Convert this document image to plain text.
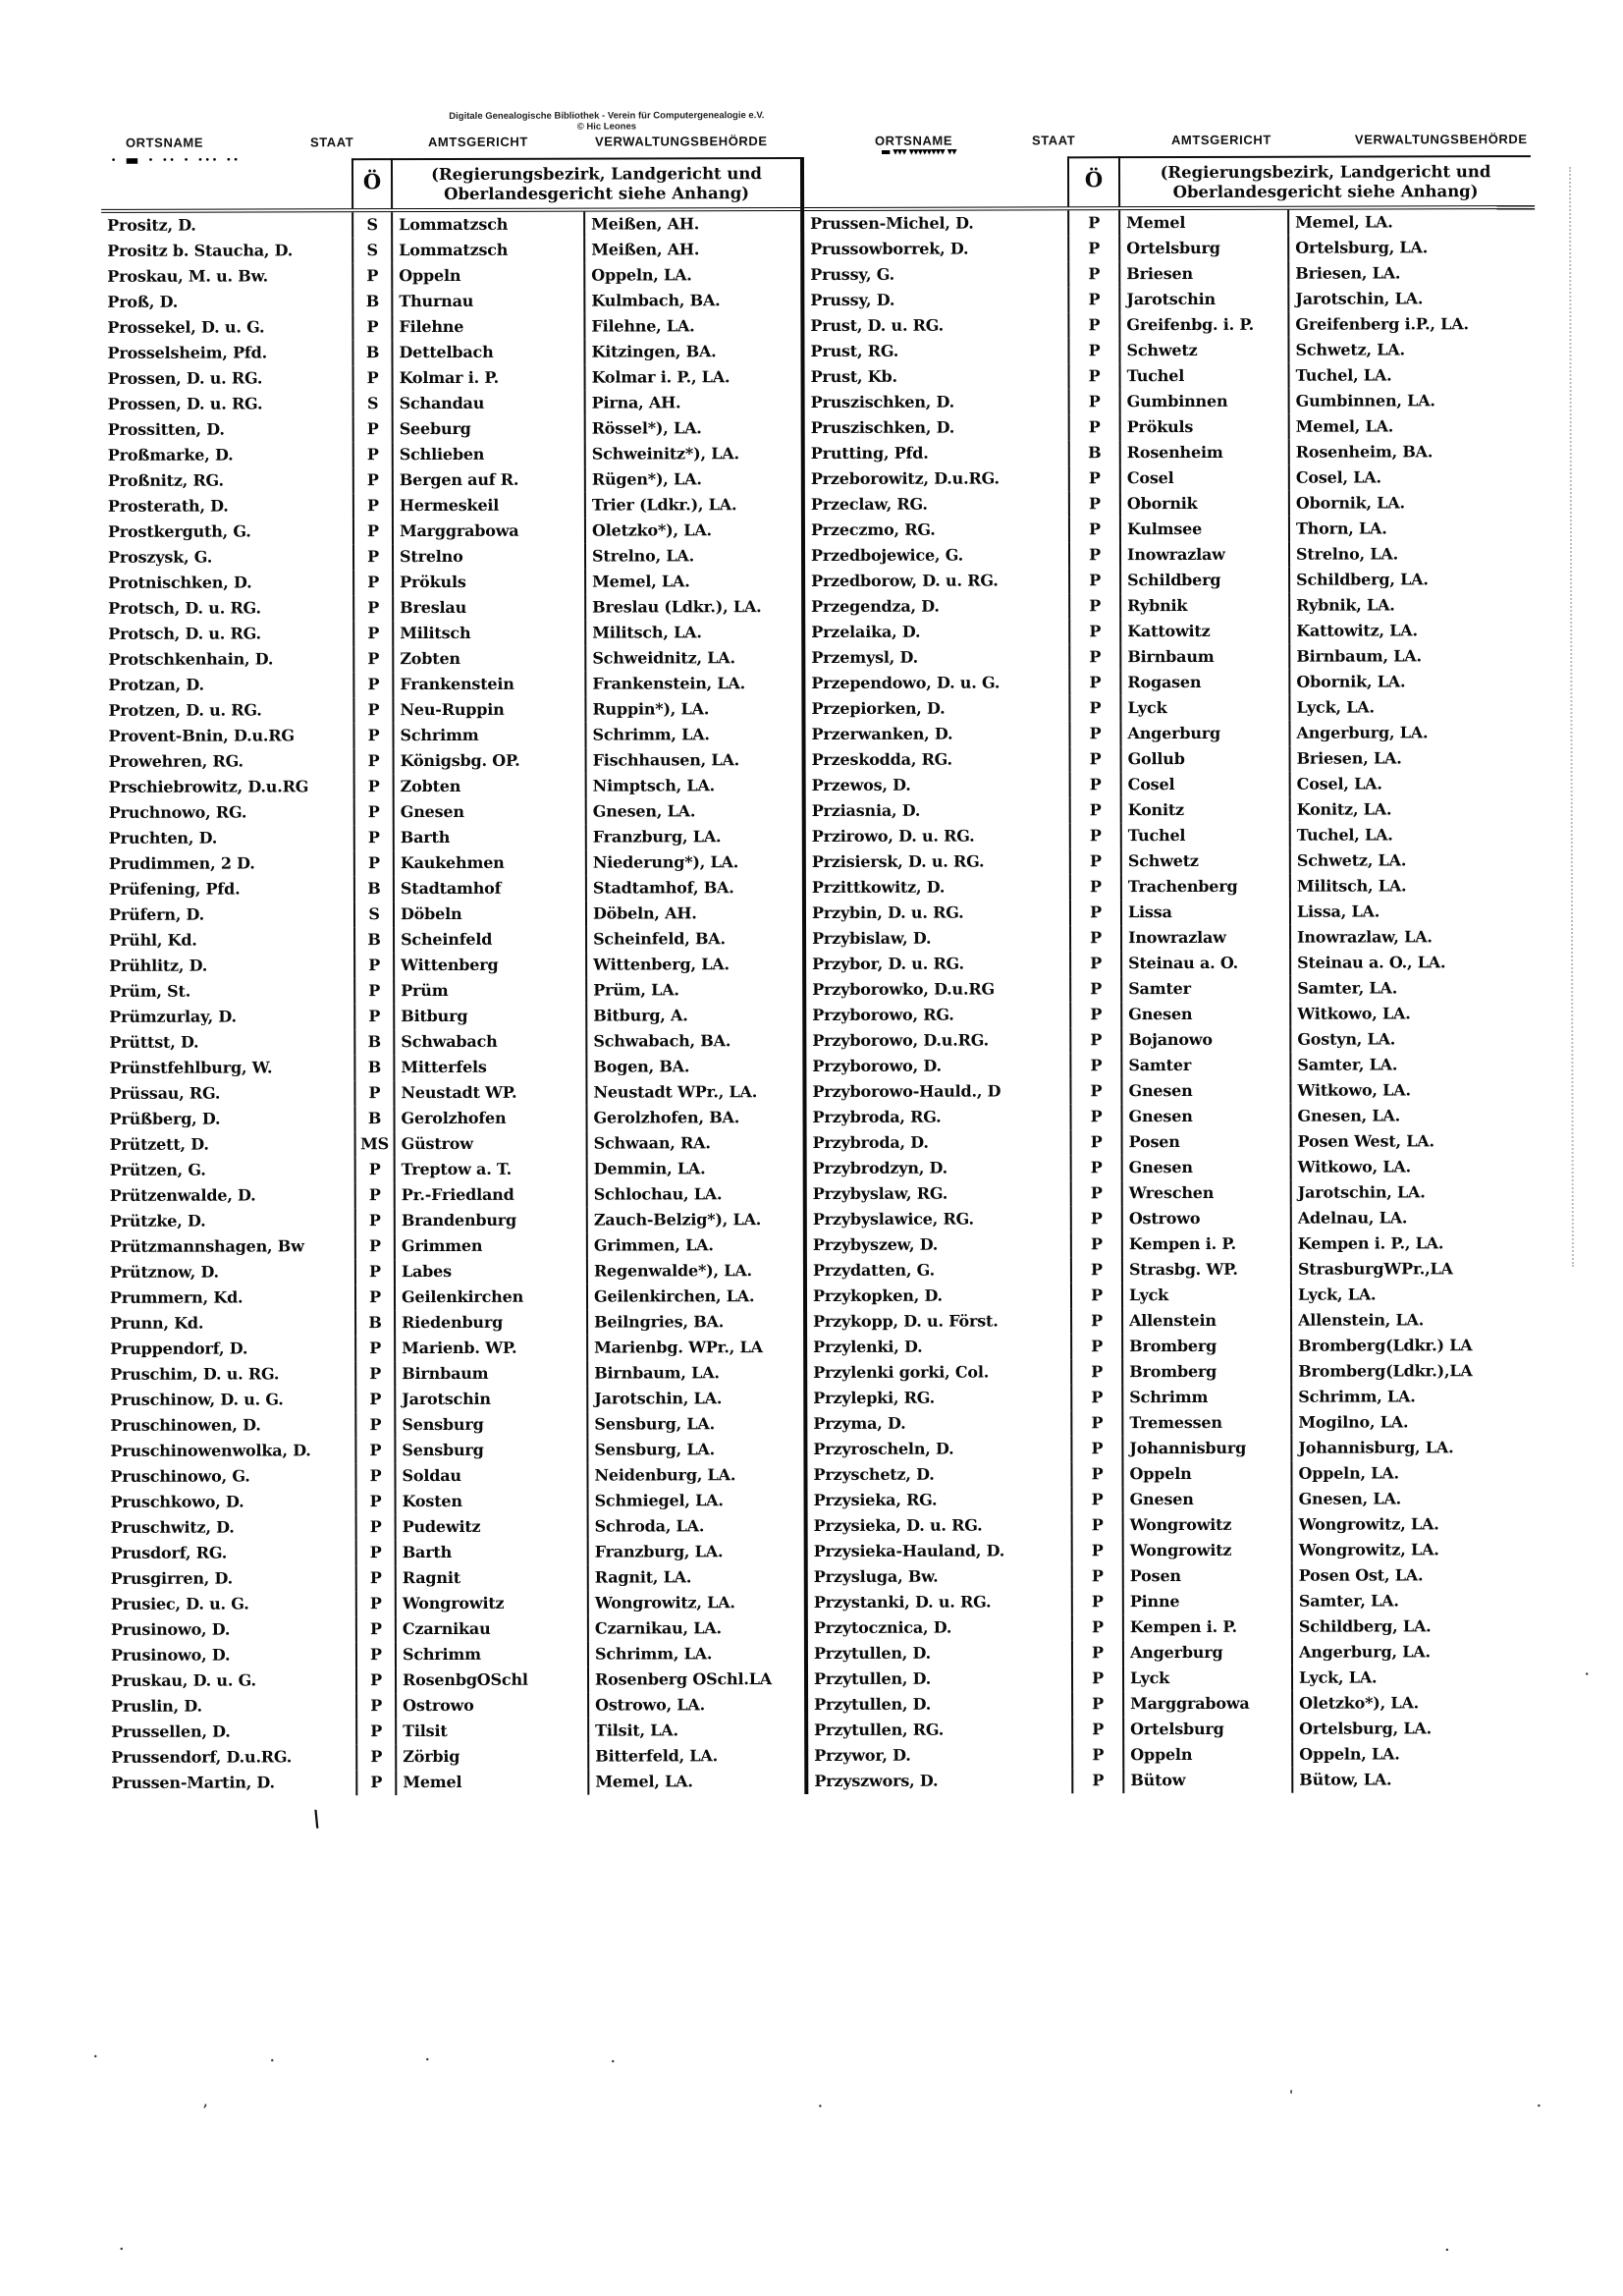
Digitale Genealogische Bibliothek - Verein für Computergenealogie e.V.
© Hic Leones
ORTSNAME	STAAT	AMTSGERICHT	VERWALTUNGSBEHÖRDE	ORTSNAME	STAAT	AMTSGERICHT	VERWALTUNGSBEHÖRDE
· ▬ · ·· · ··· ··
Ö	(Regierungsbezirk, Landgericht und
Oberlandesgericht siehe Anhang)
Prositz, D.	S	Lommatzsch	Meißen, AH.
Prositz b. Staucha, D.	S	Lommatzsch	Meißen, AH.
Proskau, M. u. Bw.	P	Oppeln	Oppeln, LA.
Proß, D.	B	Thurnau	Kulmbach, BA.
Prossekel, D. u. G.	P	Filehne	Filehne, LA.
Prosselsheim, Pfd.	B	Dettelbach	Kitzingen, BA.
Prossen, D. u. RG.	P	Kolmar i. P.	Kolmar i. P., LA.
Prossen, D. u. RG.	S	Schandau	Pirna, AH.
Prossitten, D.	P	Seeburg	Rössel*), LA.
Proßmarke, D.	P	Schlieben	Schweinitz*), LA.
Proßnitz, RG.	P	Bergen auf R.	Rügen*), LA.
Prosterath, D.	P	Hermeskeil	Trier (Ldkr.), LA.
Prostkerguth, G.	P	Marggrabowa	Oletzko*), LA.
Proszysk, G.	P	Strelno	Strelno, LA.
Protnischken, D.	P	Prökuls	Memel, LA.
Protsch, D. u. RG.	P	Breslau	Breslau (Ldkr.), LA.
Protsch, D. u. RG.	P	Militsch	Militsch, LA.
Protschkenhain, D.	P	Zobten	Schweidnitz, LA.
Protzan, D.	P	Frankenstein	Frankenstein, LA.
Protzen, D. u. RG.	P	Neu-Ruppin	Ruppin*), LA.
Provent-Bnin, D.u.RG	P	Schrimm	Schrimm, LA.
Prowehren, RG.	P	Königsbg. OP.	Fischhausen, LA.
Prschiebrowitz, D.u.RG	P	Zobten	Nimptsch, LA.
Pruchnowo, RG.	P	Gnesen	Gnesen, LA.
Pruchten, D.	P	Barth	Franzburg, LA.
Prudimmen, 2 D.	P	Kaukehmen	Niederung*), LA.
Prüfening, Pfd.	B	Stadtamhof	Stadtamhof, BA.
Prüfern, D.	S	Döbeln	Döbeln, AH.
Prühl, Kd.	B	Scheinfeld	Scheinfeld, BA.
Prühlitz, D.	P	Wittenberg	Wittenberg, LA.
Prüm, St.	P	Prüm	Prüm, LA.
Prümzurlay, D.	P	Bitburg	Bitburg, A.
Prüttst, D.	B	Schwabach	Schwabach, BA.
Prünstfehlburg, W.	B	Mitterfels	Bogen, BA.
Prüssau, RG.	P	Neustadt WP.	Neustadt WPr., LA.
Prüßberg, D.	B	Gerolzhofen	Gerolzhofen, BA.
Prützett, D.	MS Güstrow	Schwaan, RA.
Prützen, G.	P	Treptow a. T.	Demmin, LA.
Prützenwalde, D.	P	Pr.-Friedland	Schlochau, LA.
Prützke, D.	P	Brandenburg	Zauch-Belzig*), LA.
Prützmannshagen, Bw	P	Grimmen	Grimmen, LA.
Prütznow, D.	P	Labes	Regenwalde*), LA.
Prummern, Kd.	P	Geilenkirchen	Geilenkirchen, LA.
Prunn, Kd.	B	Riedenburg	Beilngries, BA.
Pruppendorf, D.	P	Marienb. WP.	Marienbg. WPr., LA
Pruschim, D. u. RG.	P	Birnbaum	Birnbaum, LA.
Pruschinow, D. u. G.	P	Jarotschin	Jarotschin, LA.
Pruschinowen, D.	P	Sensburg	Sensburg, LA.
Pruschinowenwolka, D.	P	Sensburg	Sensburg, LA.
Pruschinowo, G.	P	Soldau	Neidenburg, LA.
Pruschkowo, D.	P	Kosten	Schmiegel, LA.
Pruschwitz, D.	P	Pudewitz	Schroda, LA.
Prusdorf, RG.	P	Barth	Franzburg, LA.
Prusgirren, D.	P	Ragnit	Ragnit, LA.
Prusiec, D. u. G.	P	Wongrowitz	Wongrowitz, LA.
Prusinowo, D.	P	Czarnikau	Czarnikau, LA.
Prusinowo, D.	P	Schrimm	Schrimm, LA.
Pruskau, D. u. G.	P	RosenbgOSchl	Rosenberg OSchl.LA
Pruslin, D.	P	Ostrowo	Ostrowo, LA.
Prussellen, D.	P	Tilsit	Tilsit, LA.
Prussendorf, D.u.RG.	P	Zörbig	Bitterfeld, LA.
Prussen-Martin, D.	P	Memel	Memel, LA.
▬ ▾▾▾ ▾▾▾▾▾▾▾▾ ▾▾
Ö	(Regierungsbezirk, Landgericht und
Oberlandesgericht siehe Anhang)
Prussen-Michel, D.	P	Memel	Memel, LA.
Prussowborrek, D.	P	Ortelsburg	Ortelsburg, LA.
Prussy, G.	P	Briesen	Briesen, LA.
Prussy, D.	P	Jarotschin	Jarotschin, LA.
Prust, D. u. RG.	P	Greifenbg. i. P.	Greifenberg i.P., LA.
Prust, RG.	P	Schwetz	Schwetz, LA.
Prust, Kb.	P	Tuchel	Tuchel, LA.
Pruszischken, D.	P	Gumbinnen	Gumbinnen, LA.
Pruszischken, D.	P	Prökuls	Memel, LA.
Prutting, Pfd.	B	Rosenheim	Rosenheim, BA.
Przeborowitz, D.u.RG.	P	Cosel	Cosel, LA.
Przeclaw, RG.	P	Obornik	Obornik, LA.
Przeczmo, RG.	P	Kulmsee	Thorn, LA.
Przedbojewice, G.	P	Inowrazlaw	Strelno, LA.
Przedborow, D. u. RG.	P	Schildberg	Schildberg, LA.
Przegendza, D.	P	Rybnik	Rybnik, LA.
Przelaika, D.	P	Kattowitz	Kattowitz, LA.
Przemysl, D.	P	Birnbaum	Birnbaum, LA.
Przependowo, D. u. G.	P	Rogasen	Obornik, LA.
Przepiorken, D.	P	Lyck	Lyck, LA.
Przerwanken, D.	P	Angerburg	Angerburg, LA.
Przeskodda, RG.	P	Gollub	Briesen, LA.
Przewos, D.	P	Cosel	Cosel, LA.
Prziasnia, D.	P	Konitz	Konitz, LA.
Przirowo, D. u. RG.	P	Tuchel	Tuchel, LA.
Przisiersk, D. u. RG.	P	Schwetz	Schwetz, LA.
Przittkowitz, D.	P	Trachenberg	Militsch, LA.
Przybin, D. u. RG.	P	Lissa	Lissa, LA.
Przybislaw, D.	P	Inowrazlaw	Inowrazlaw, LA.
Przybor, D. u. RG.	P	Steinau a. O.	Steinau a. O., LA.
Przyborowko, D.u.RG	P	Samter	Samter, LA.
Przyborowo, RG.	P	Gnesen	Witkowo, LA.
Przyborowo, D.u.RG.	P	Bojanowo	Gostyn, LA.
Przyborowo, D.	P	Samter	Samter, LA.
Przyborowo-Hauld., D	P	Gnesen	Witkowo, LA.
Przybroda, RG.	P	Gnesen	Gnesen, LA.
Przybroda, D.	P	Posen	Posen West, LA.
Przybrodzyn, D.	P	Gnesen	Witkowo, LA.
Przybyslaw, RG.	P	Wreschen	Jarotschin, LA.
Przybyslawice, RG.	P	Ostrowo	Adelnau, LA.
Przybyszew, D.	P	Kempen i. P.	Kempen i. P., LA.
Przydatten, G.	P	Strasbg. WP.	StrasburgWPr.,LA
Przykopken, D.	P	Lyck	Lyck, LA.
Przykopp, D. u. Först.	P	Allenstein	Allenstein, LA.
Przylenki, D.	P	Bromberg	Bromberg(Ldkr.) LA
Przylenki gorki, Col.	P	Bromberg	Bromberg(Ldkr.),LA
Przylepki, RG.	P	Schrimm	Schrimm, LA.
Przyma, D.	P	Tremessen	Mogilno, LA.
Przyroscheln, D.	P	Johannisburg	Johannisburg, LA.
Przyschetz, D.	P	Oppeln	Oppeln, LA.
Przysieka, RG.	P	Gnesen	Gnesen, LA.
Przysieka, D. u. RG.	P	Wongrowitz	Wongrowitz, LA.
Przysieka-Hauland, D.	P	Wongrowitz	Wongrowitz, LA.
Przysluga, Bw.	P	Posen	Posen Ost, LA.
Przystanki, D. u. RG.	P	Pinne	Samter, LA.
Przytocznica, D.	P	Kempen i. P.	Schildberg, LA.
Przytullen, D.	P	Angerburg	Angerburg, LA.
Przytullen, D.	P	Lyck	Lyck, LA.
Przytullen, D.	P	Marggrabowa	Oletzko*), LA.
Przytullen, RG.	P	Ortelsburg	Ortelsburg, LA.
Przywor, D.	P	Oppeln	Oppeln, LA.
Przyszwors, D.	P	Bütow	Bütow, LA.
\
.
·	.	·
,	·
'	.
.	·
·
